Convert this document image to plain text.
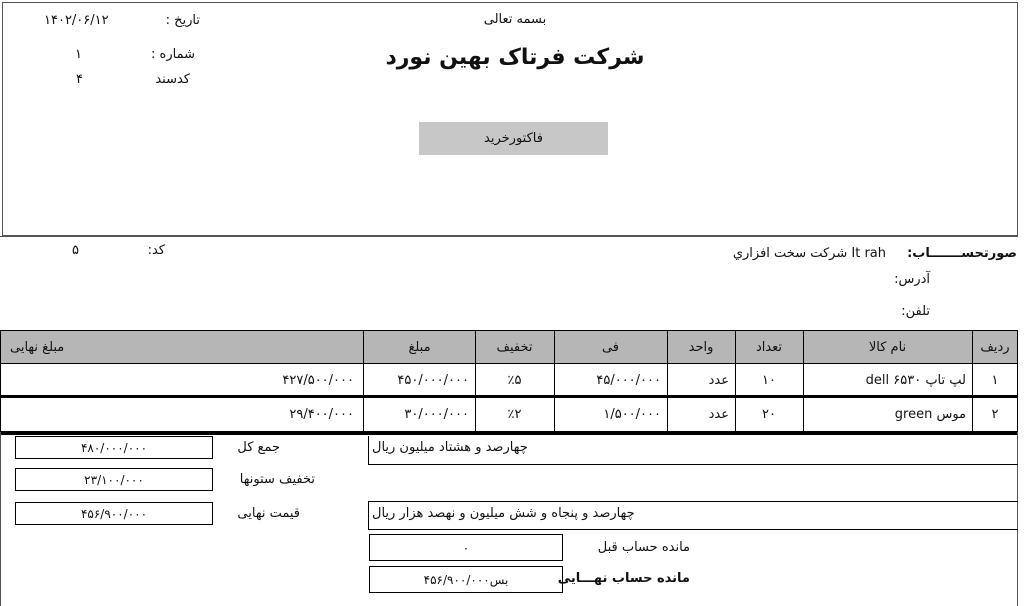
بسمه تعالی
شرکت فرتاک بهین نورد
فاکتورخرید
۱۴۰۲/۰۶/۱۲	تاریخ :
۱	شماره :
۴	کدسند
صورتحســـــــاب:
It rah شرکت سخت افزاري
آدرس:
تلفن:
۵	کد:
مبلغ نهایی	مبلغ	تخفیف	فی	واحد	تعداد	نام کالا	ردیف
۴۲۷/۵۰۰/۰۰۰	۴۵۰/۰۰۰/۰۰۰	٪۵	۴۵/۰۰۰/۰۰۰	عدد	۱۰	لپ تاپ dell ۶۵۳۰	۱
۲۹/۴۰۰/۰۰۰	۳۰/۰۰۰/۰۰۰	٪۲	۱/۵۰۰/۰۰۰	عدد	۲۰	موس green	۲
۴۸۰/۰۰۰/۰۰۰	جمع کل
۲۳/۱۰۰/۰۰۰	تخفیف ستونها
۴۵۶/۹۰۰/۰۰۰	قیمت نهایی
چهارصد و هشتاد میلیون ریال
چهارصد و پنجاه و شش میلیون و نهصد هزار ریال
۰	مانده حساب قبل
۴۵۶/۹۰۰/۰۰۰بس	مانده حساب نهـــایی
